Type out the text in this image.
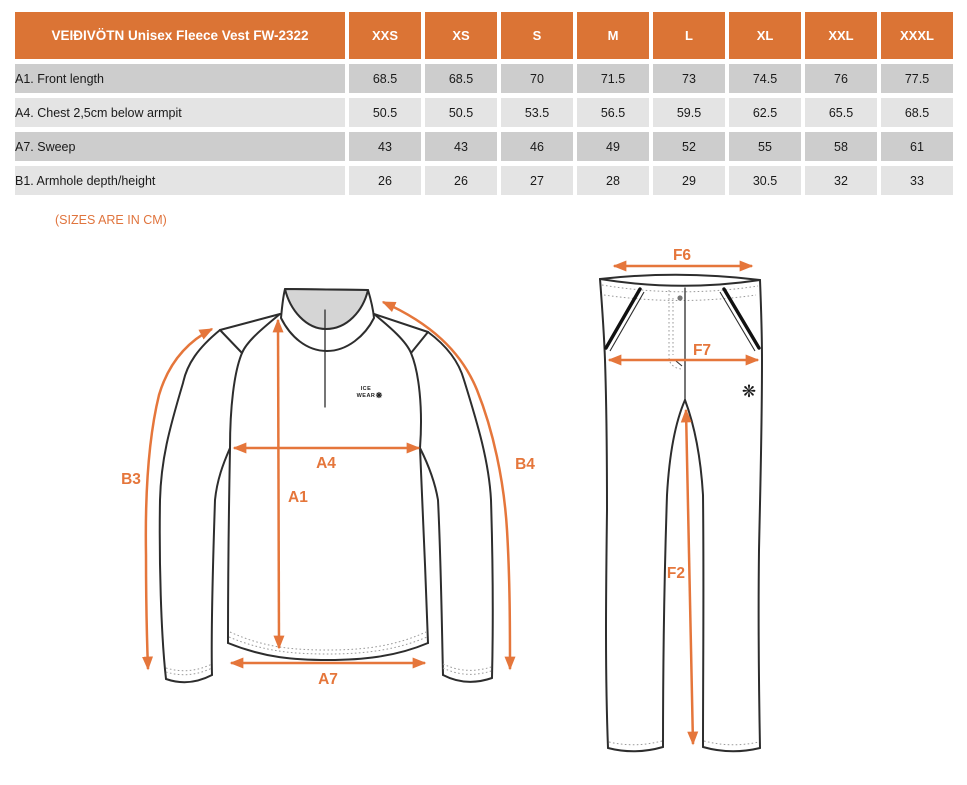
VEIÐIVÖTN Unisex Fleece Vest FW-2322	XXS	XS	S	M	L	XL	XXL	XXXL
A1. Front length	68.5	68.5	70	71.5	73	74.5	76	77.5
A4. Chest 2,5cm below armpit	50.5	50.5	53.5	56.5	59.5	62.5	65.5	68.5
A7. Sweep	43	43	46	49	52	55	58	61
B1. Armhole depth/height	26	26	27	28	29	30.5	32	33
(SIZES ARE IN CM)
ICE
WEAR ❋
A4
A1
A7
B3
B4
❋
F6
F7
F2
